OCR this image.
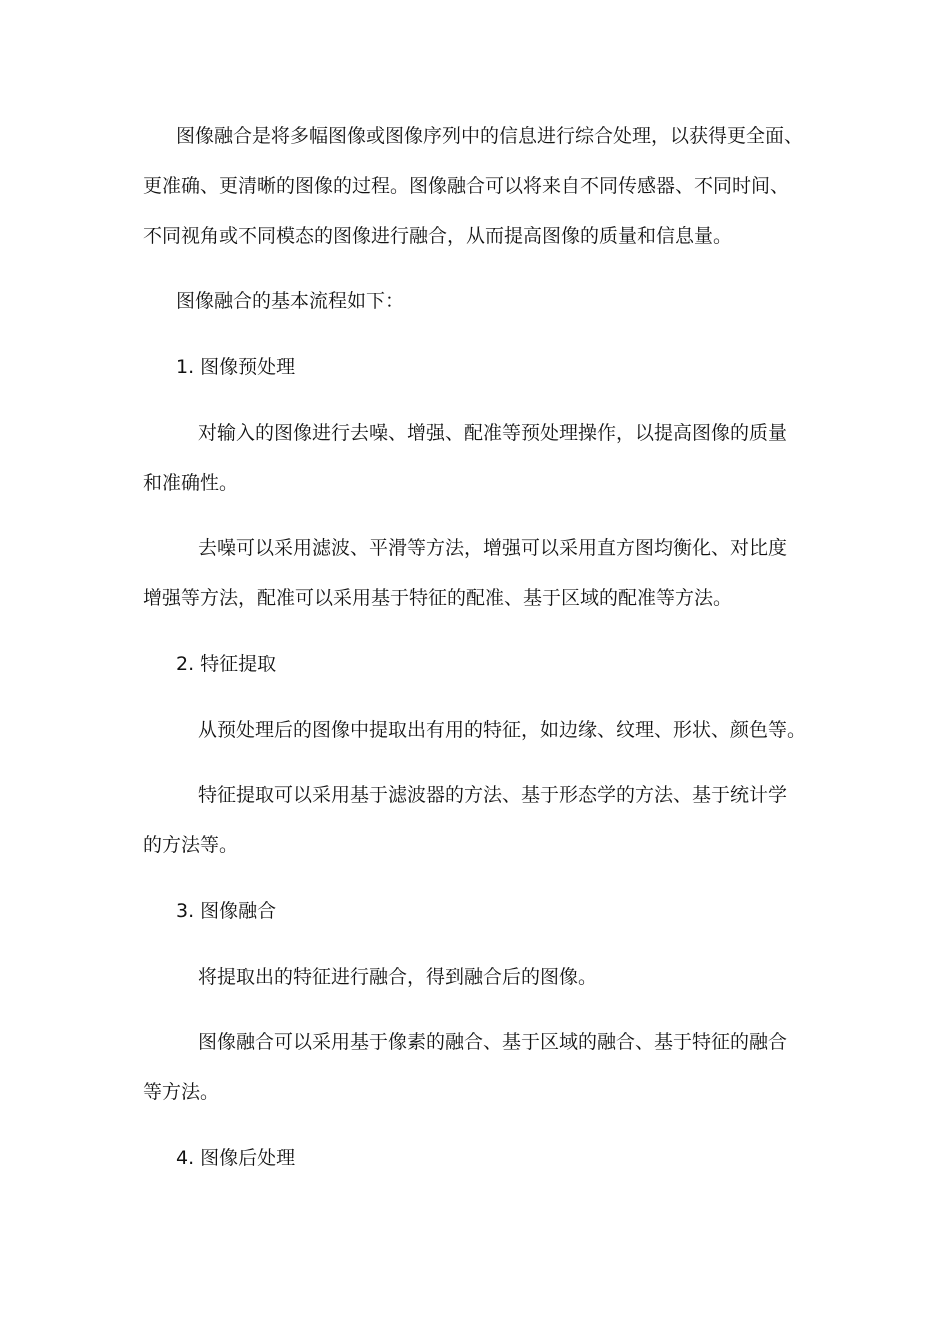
图像融合是将多幅图像或图像序列中的信息进行综合处理，以获得更全面、
更准确、更清晰的图像的过程。图像融合可以将来自不同传感器、不同时间、
不同视角或不同模态的图像进行融合，从而提高图像的质量和信息量。
图像融合的基本流程如下：
1. 图像预处理
对输入的图像进行去噪、增强、配准等预处理操作，以提高图像的质量
和准确性。
去噪可以采用滤波、平滑等方法，增强可以采用直方图均衡化、对比度
增强等方法，配准可以采用基于特征的配准、基于区域的配准等方法。
2. 特征提取
从预处理后的图像中提取出有用的特征，如边缘、纹理、形状、颜色等。
特征提取可以采用基于滤波器的方法、基于形态学的方法、基于统计学
的方法等。
3. 图像融合
将提取出的特征进行融合，得到融合后的图像。
图像融合可以采用基于像素的融合、基于区域的融合、基于特征的融合
等方法。
4. 图像后处理
